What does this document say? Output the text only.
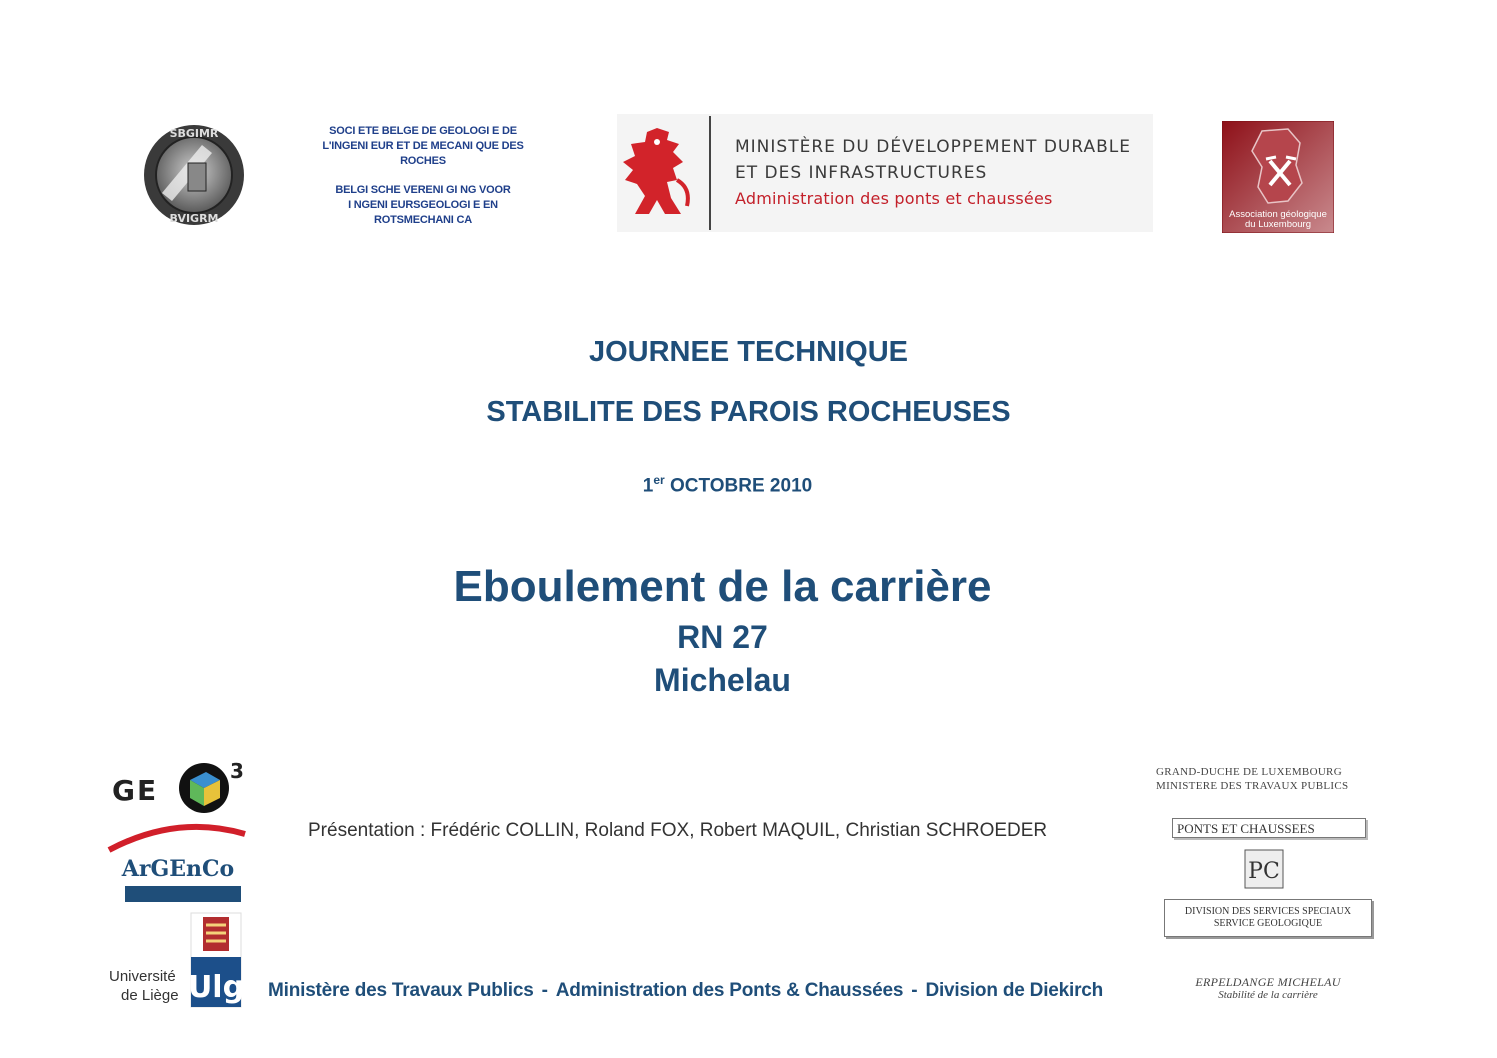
SBGIMR
BVIGRM

SOCI ETE BELGE DE GEOLOGI E DE

L'INGENI EUR ET DE MECANI QUE DES

ROCHES

BELGI SCHE VERENI GI NG VOOR

I NGENI EURSGEOLOGI E EN

ROTSMECHANI CA

MINISTÈRE DU DÉVELOPPEMENT DURABLE
ET DES INFRASTRUCTURES
Administration des ponts et chaussées
Association géologique
du Luxembourg
JOURNEE TECHNIQUE
STABILITE DES PAROIS ROCHEUSES
1er OCTOBRE 2010
Eboulement de la carrière
RN 27
Michelau
GE
3
ArGEnCo
Ulg
Université
de Liège
Présentation : Frédéric COLLIN, Roland FOX, Robert MAQUIL, Christian SCHROEDER
Ministère des Travaux Publics - Administration des Ponts & Chaussées - Division de Diekirch
GRAND-DUCHE DE LUXEMBOURG
MINISTERE DES TRAVAUX PUBLICS
PONTS ET CHAUSSEES
PC
DIVISION DES SERVICES SPECIAUX
SERVICE GEOLOGIQUE
ERPELDANGE MICHELAU
Stabilité de la carrière
